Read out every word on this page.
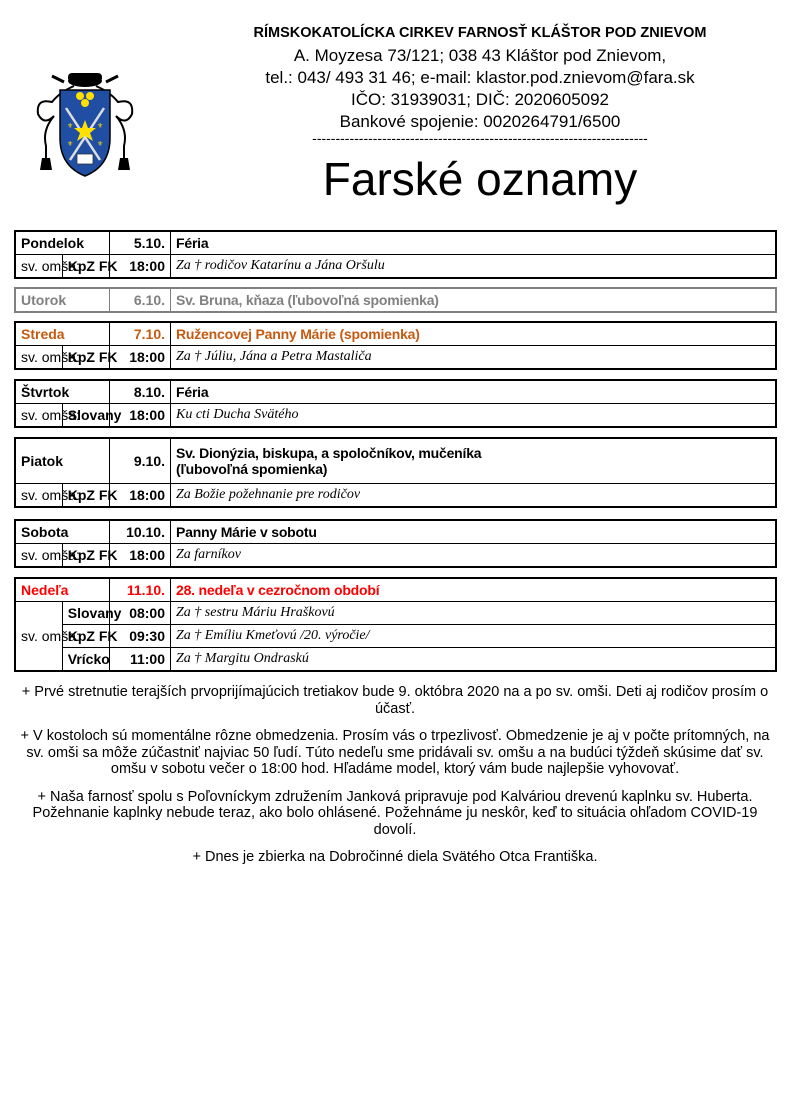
⚜	⚜
⚜	⚜
RÍMSKOKATOLÍCKA CIRKEV FARNOSŤ KLÁŠTOR POD ZNIEVOM
A. Moyzesa 73/121; 038 43 Kláštor pod Znievom,
tel.: 043/ 493 31 46; e-mail: klastor.pod.znievom@fara.sk
IČO: 31939031; DIČ: 2020605092
Bankové spojenie: 0020264791/6500
------------------------------------------------------------------------
Farské oznamy
Pondelok		5.10.	Féria

sv. omša:	KpZ FK	18:00	Za † rodičov Katarínu a Jána Oršulu
Utorok	6.10.	Sv. Bruna, kňaza (ľubovoľná spomienka)
Streda		7.10.	Ružencovej Panny Márie (spomienka)

sv. omša:	KpZ FK	18:00	Za † Júliu, Jána a Petra Mastaliča
Štvrtok		8.10.	Féria

sv. omša:	Slovany	18:00	Ku cti Ducha Svätého
Piatok		9.10.	Sv. Dionýzia, biskupa, a spoločníkov, mučeníka
(ľubovoľná spomienka)

sv. omša:	KpZ FK	18:00	Za Božie požehnanie pre rodičov
Sobota		10.10.	Panny Márie v sobotu

sv. omša:	KpZ FK	18:00	Za farníkov
Nedeľa		11.10.	28. nedeľa v cezročnom období

sv. omša:	Slovany	08:00	Za † sestru Máriu Hraškovú
	KpZ FK	09:30	Za † Emíliu Kmeťovú /20. výročie/
	Vrícko	11:00	Za † Margitu Ondraskú

+ Prvé stretnutie terajších prvoprijímajúcich tretiakov bude 9. októbra 2020 na a po sv. omši. Deti aj rodičov prosím o účasť.

+ V kostoloch sú momentálne rôzne obmedzenia. Prosím vás o trpezlivosť. Obmedzenie je aj v počte prítomných, na sv. omši sa môže zúčastniť najviac 50 ľudí. Túto nedeľu sme pridávali sv. omšu a na budúci týždeň skúsime dať sv. omšu v sobotu večer o 18:00 hod. Hľadáme model, ktorý vám bude najlepšie vyhovovať.

+ Naša farnosť spolu s Poľovníckym združením Janková pripravuje pod Kalváriou drevenú kaplnku sv. Huberta. Požehnanie kaplnky nebude teraz, ako bolo ohlásené. Požehnáme ju neskôr, keď to situácia ohľadom COVID-19 dovolí.

+ Dnes je zbierka na Dobročinné diela Svätého Otca Františka.
